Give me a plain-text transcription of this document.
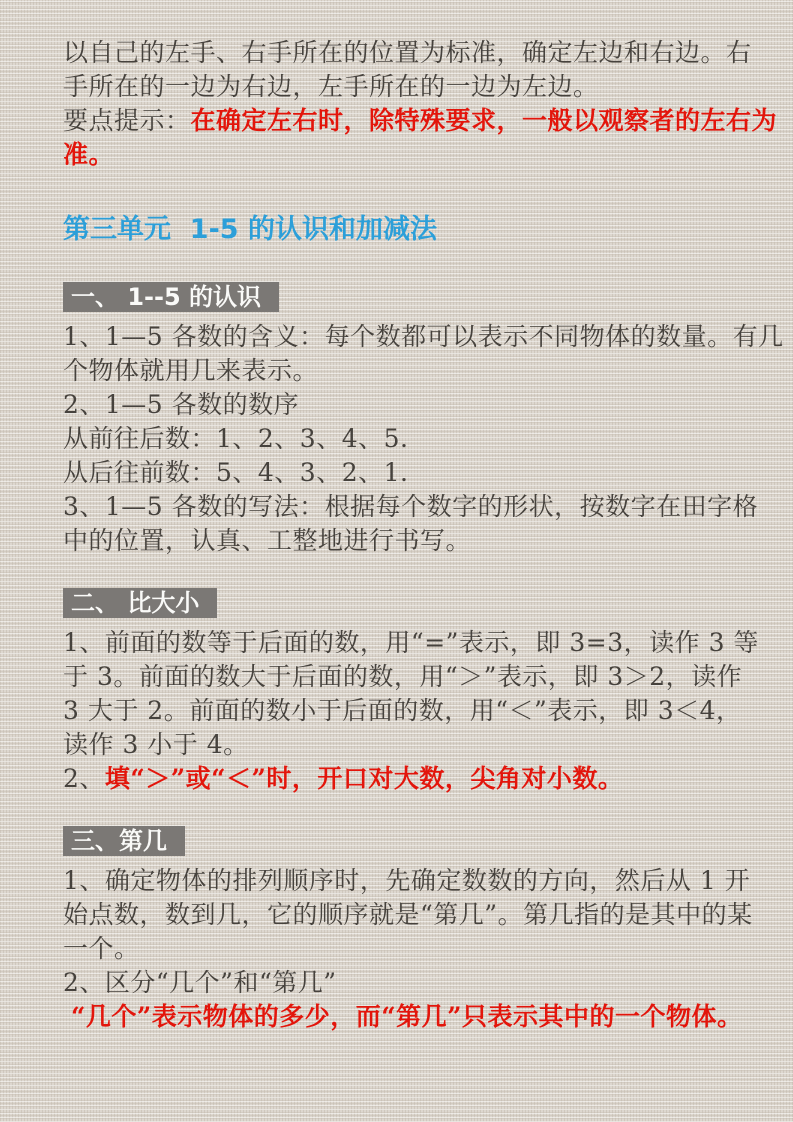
以自己的左手、右手所在的位置为标准，确定左边和右边。右
手所在的一边为右边，左手所在的一边为左边。
要点提示：在确定左右时，除特殊要求，一般以观察者的左右为
准。
第三单元  1-5 的认识和加减法
一、 1--5 的认识
1、1—5 各数的含义：每个数都可以表示不同物体的数量。有几
个物体就用几来表示。
2、1—5 各数的数序
从前往后数：1、2、3、4、5.
从后往前数：5、4、3、2、1.
3、1—5 各数的写法：根据每个数字的形状，按数字在田字格
中的位置，认真、工整地进行书写。
二、 比大小
1、前面的数等于后面的数，用“=”表示，即 3=3，读作 3 等
于 3。前面的数大于后面的数，用“＞”表示，即 3＞2，读作
3 大于 2。前面的数小于后面的数，用“＜”表示，即 3＜4，
读作 3 小于 4。
2、填“＞”或“＜”时，开口对大数，尖角对小数。
三、第几
1、确定物体的排列顺序时，先确定数数的方向，然后从 1 开
始点数，数到几，它的顺序就是“第几”。第几指的是其中的某
一个。
2、区分“几个”和“第几”
“几个”表示物体的多少，而“第几”只表示其中的一个物体。
